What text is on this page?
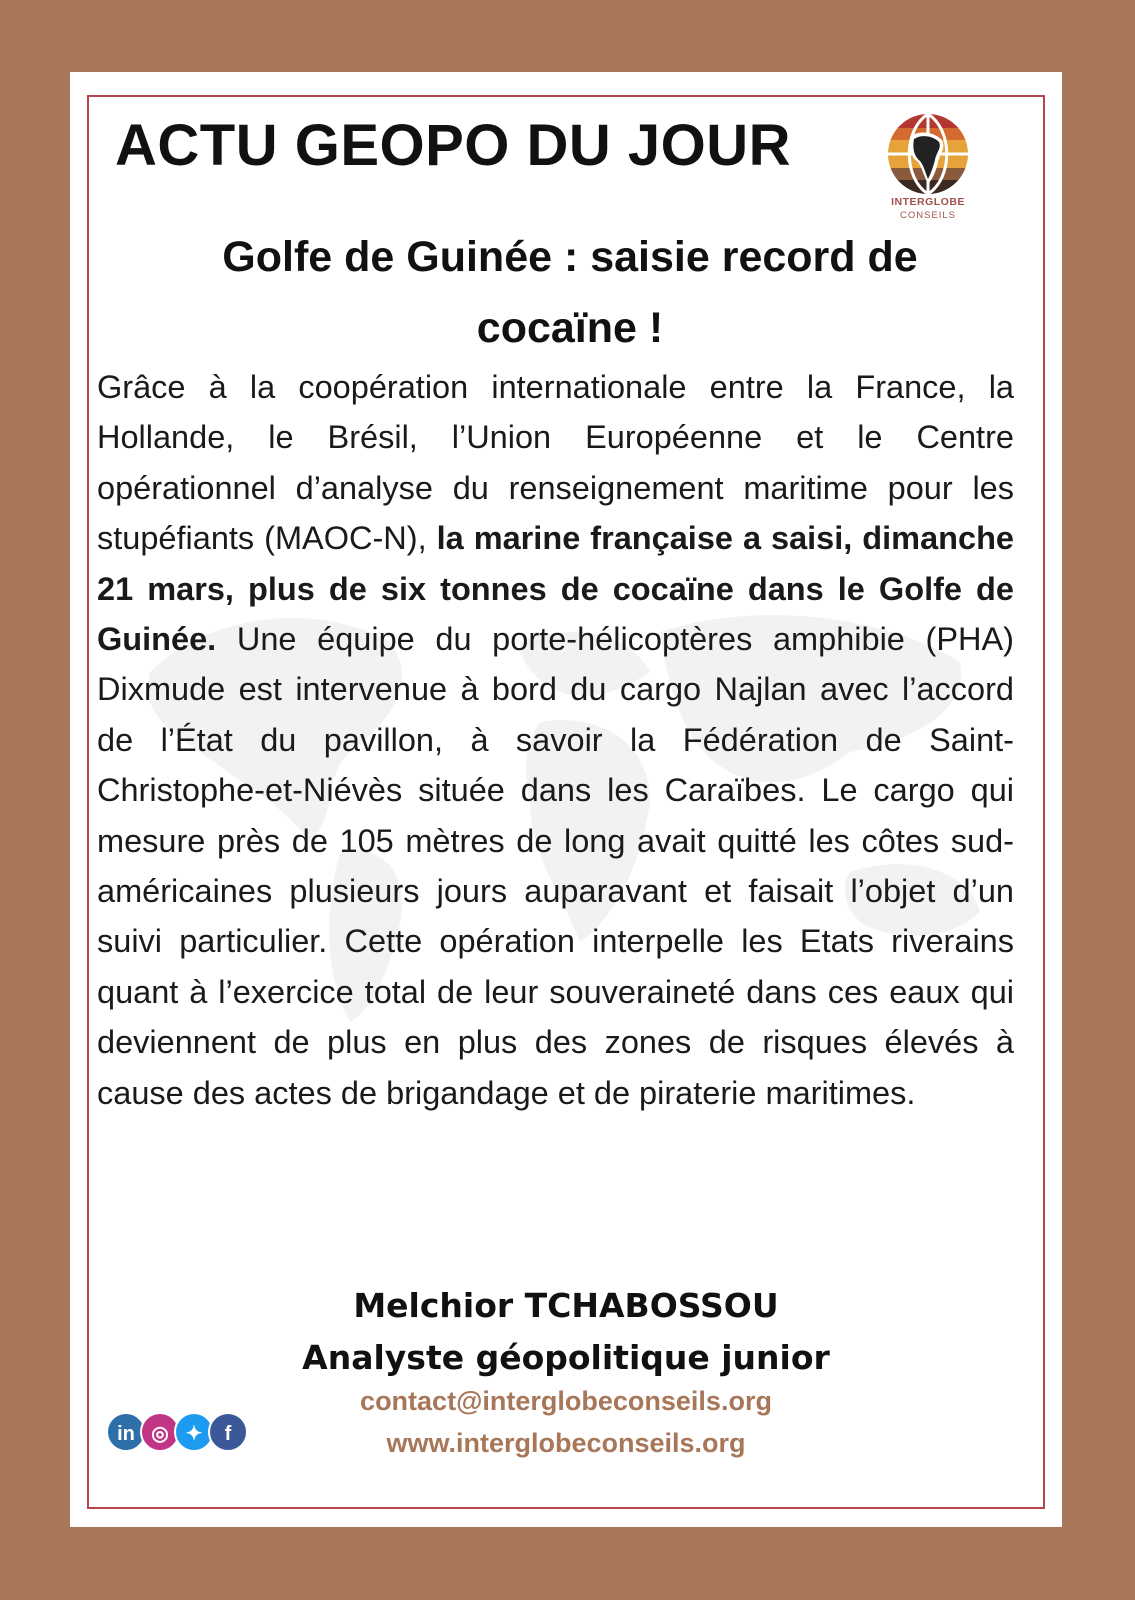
ACTU GEOPO DU JOUR
INTERGLOBE
CONSEILS
Golfe de Guinée : saisie record de
cocaïne !

Grâce à la coopération internationale entre la France, la Hollande, le Brésil, l’Union Européenne et le Centre opérationnel d’analyse du renseignement maritime pour les stupéfiants (MAOC-N), la marine française a saisi, dimanche 21 mars, plus de six tonnes de cocaïne dans le Golfe de Guinée. Une équipe du porte-hélicoptères amphibie (PHA) Dixmude est intervenue à bord du cargo Najlan avec l’accord de l’État du pavillon, à savoir la Fédération de Saint-Christophe-et-Niévès située dans les Caraïbes. Le cargo qui mesure près de 105 mètres de long avait quitté les côtes sud-américaines plusieurs jours auparavant et faisait l’objet d’un suivi particulier. Cette opération interpelle les Etats riverains quant à l’exercice total de leur souveraineté dans ces eaux qui deviennent de plus en plus des zones de risques élevés à cause des actes de brigandage et de piraterie maritimes.

Melchior TCHABOSSOU
Analyste géopolitique junior
contact@interglobeconseils.org
www.interglobeconseils.org
in ◎ ✦	f
